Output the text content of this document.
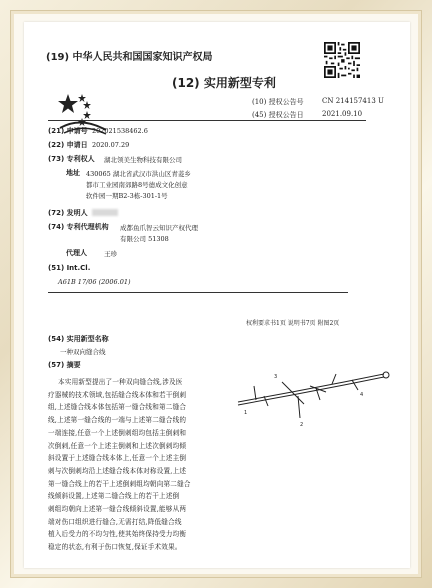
(19) 中华人民共和国国家知识产权局
(12) 实用新型专利
(10) 授权公告号	CN 214157413 U
(45) 授权公告日	2021.09.10
(21) 申请号 202021538462.6
(22) 申请日 2020.07.29
(73) 专利权人 湖北领美生物科技有限公司
地址 430065 湖北省武汉市洪山区青菱乡
都市工业园南郊路8号德成文化创意
软件园一期B2-3栋-301-1号
(72) 发明人
(74) 专利代理机构 成都鱼爪智云知识产权代理
有限公司 51308
代理人	王珍
(51) Int.Cl.
A61B 17/06 (2006.01)
权利要求书1页 说明书7页 附图2页
(54) 实用新型名称
一种双向缝合线
(57) 摘要
本实用新型提出了一种双向缝合线,涉及医
疗器械的技术领域,包括缝合线本体和若干倒刺
组,上述缝合线本体包括第一缝合线和第二缝合
线,上述第一缝合线的一端与上述第二缝合线的
一端连接,任意一个上述倒刺组均包括主倒刺和
次倒刺,任意一个上述主倒刺和上述次倒刺均倾
斜设置于上述缝合线本体上,任意一个上述主倒
刺与次倒刺均沿上述缝合线本体对称设置,上述
第一缝合线上的若干上述倒刺组均朝向第二缝合
线倾斜设置,上述第二缝合线上的若干上述倒
刺组均朝向上述第一缝合线倾斜设置,能够从两
端对伤口组织进行缝合,无需打结,降低缝合线
植入后受力的不均匀性,使其始终保持受力均衡
稳定的状态,有利于伤口恢复,保证手术效果。
1
3
2
4
